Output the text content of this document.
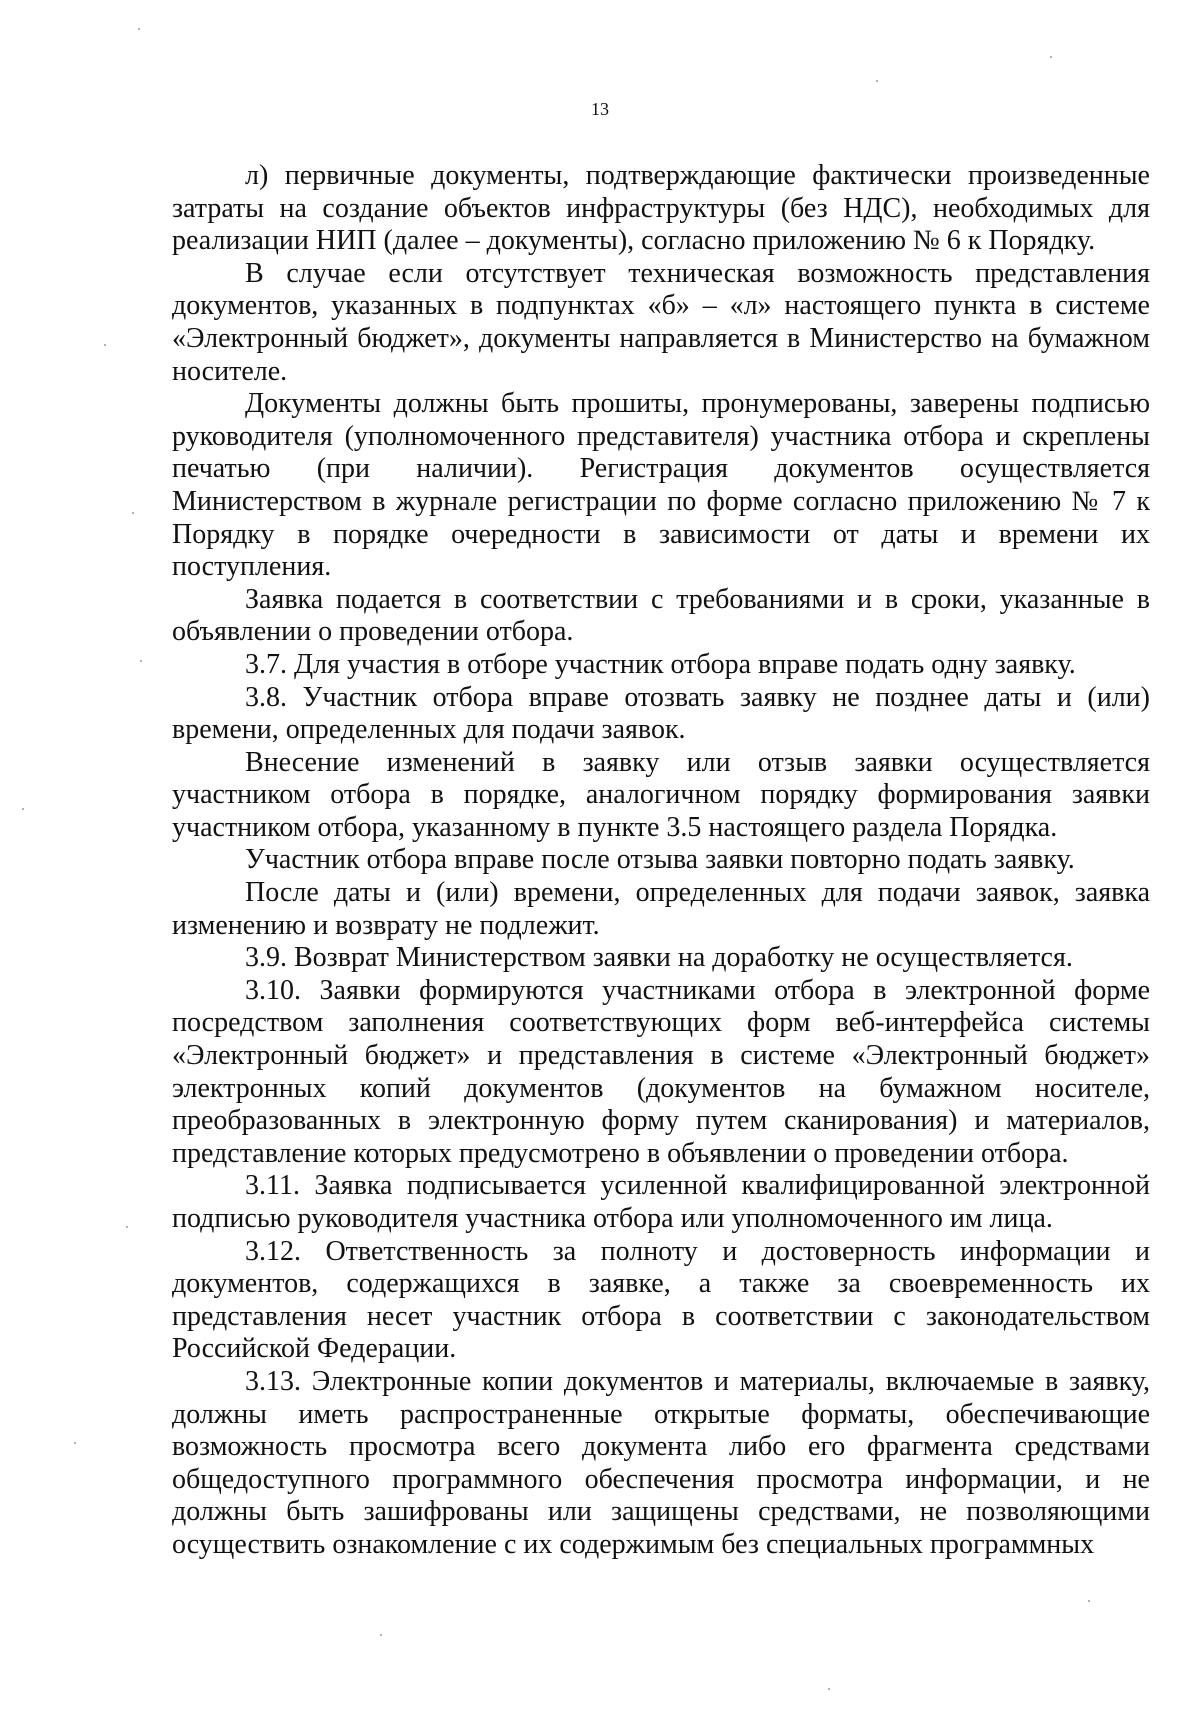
13

л) первичные документы, подтверждающие фактически произведенные затраты на создание объектов инфраструктуры (без НДС), необходимых для реализации НИП (далее – документы), согласно приложению № 6 к Порядку.

В случае если отсутствует техническая возможность представления документов, указанных в подпунктах «б» – «л» настоящего пункта в системе «Электронный бюджет», документы направляется в Министерство на бумажном носителе.

Документы должны быть прошиты, пронумерованы, заверены подписью руководителя (уполномоченного представителя) участника отбора и скреплены печатью (при наличии). Регистрация документов осуществляется Министерством в журнале регистрации по форме согласно приложению № 7 к Порядку в порядке очередности в зависимости от даты и времени их поступления.

Заявка подается в соответствии с требованиями и в сроки, указанные в объявлении о проведении отбора.

3.7. Для участия в отборе участник отбора вправе подать одну заявку.

3.8. Участник отбора вправе отозвать заявку не позднее даты и (или) времени, определенных для подачи заявок.

Внесение изменений в заявку или отзыв заявки осуществляется участником отбора в порядке, аналогичном порядку формирования заявки участником отбора, указанному в пункте 3.5 настоящего раздела Порядка.

Участник отбора вправе после отзыва заявки повторно подать заявку.

После даты и (или) времени, определенных для подачи заявок, заявка изменению и возврату не подлежит.

3.9. Возврат Министерством заявки на доработку не осуществляется.

3.10. Заявки формируются участниками отбора в электронной форме посредством заполнения соответствующих форм веб-интерфейса системы «Электронный бюджет» и представления в системе «Электронный бюджет» электронных копий документов (документов на бумажном носителе, преобразованных в электронную форму путем сканирования) и материалов, представление которых предусмотрено в объявлении о проведении отбора.

3.11. Заявка подписывается усиленной квалифицированной электронной подписью руководителя участника отбора или уполномоченного им лица.

3.12. Ответственность за полноту и достоверность информации и документов, содержащихся в заявке, а также за своевременность их представления несет участник отбора в соответствии с законодательством Российской Федерации.

3.13. Электронные копии документов и материалы, включаемые в заявку, должны иметь распространенные открытые форматы, обеспечивающие возможность просмотра всего документа либо его фрагмента средствами общедоступного программного обеспечения просмотра информации, и не должны быть зашифрованы или защищены средствами, не позволяющими осуществить ознакомление с их содержимым без специальных программных
